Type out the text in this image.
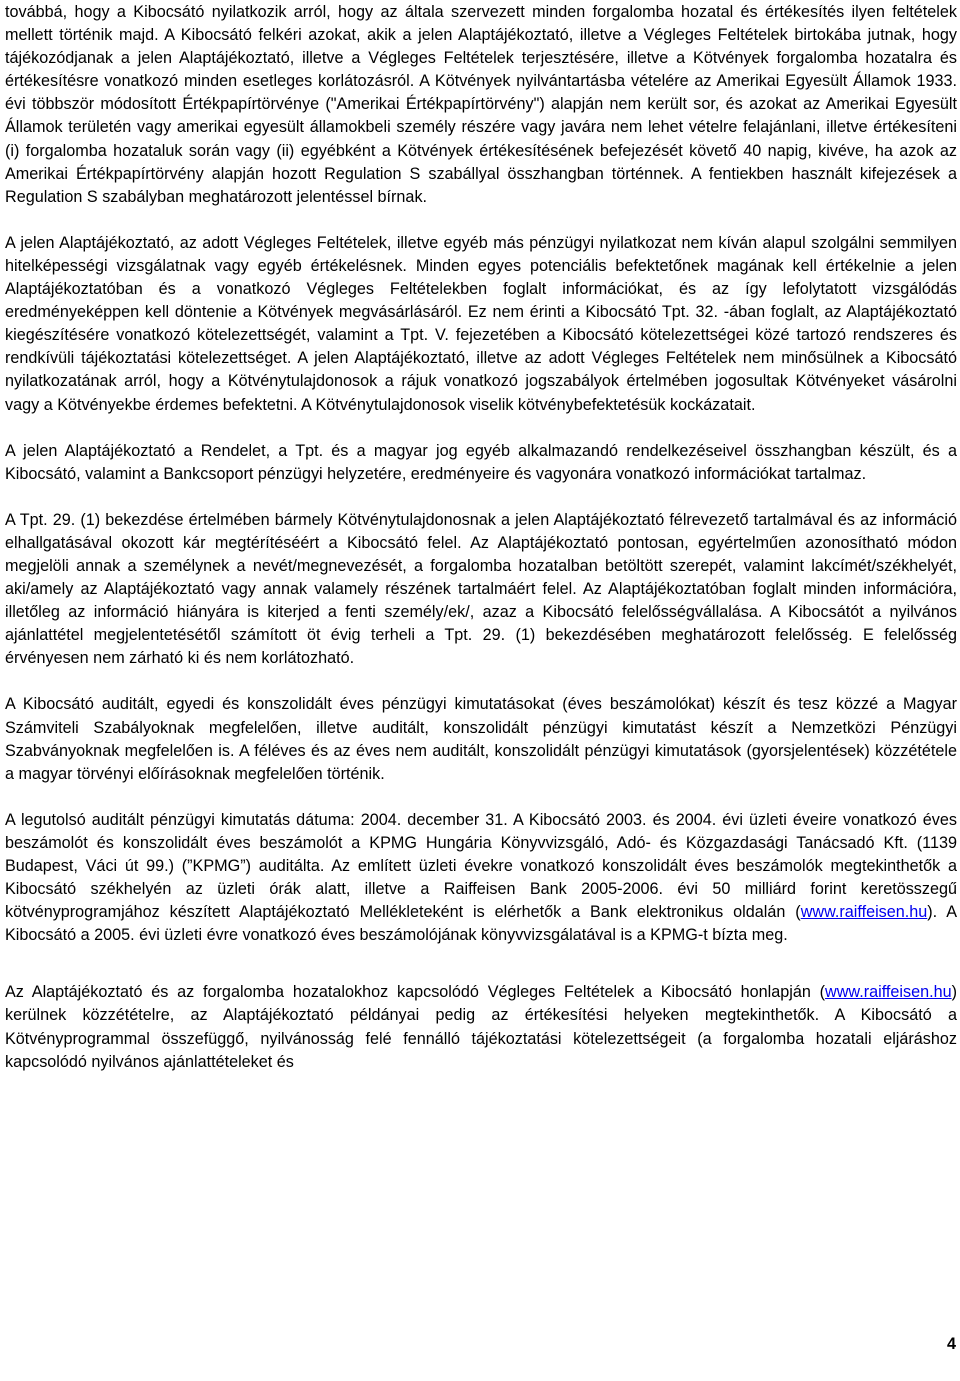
továbbá, hogy a Kibocsátó nyilatkozik arról, hogy az általa szervezett minden forgalomba hozatal és értékesítés ilyen feltételek mellett történik majd. A Kibocsátó felkéri azokat, akik a jelen Alaptájékoztató, illetve a Végleges Feltételek birtokába jutnak, hogy tájékozódjanak a jelen Alaptájékoztató, illetve a Végleges Feltételek terjesztésére, illetve a Kötvények forgalomba hozatalra és értékesítésre vonatkozó minden esetleges korlátozásról. A Kötvények nyilvántartásba vételére az Amerikai Egyesült Államok 1933. évi többször módosított Értékpapírtörvénye ("Amerikai Értékpapírtörvény") alapján nem került sor, és azokat az Amerikai Egyesült Államok területén vagy amerikai egyesült államokbeli személy részére vagy javára nem lehet vételre felajánlani, illetve értékesíteni (i) forgalomba hozataluk során vagy (ii) egyébként a Kötvények értékesítésének befejezését követő 40 napig, kivéve, ha azok az Amerikai Értékpapírtörvény alapján hozott Regulation S szabállyal összhangban történnek. A fentiekben használt kifejezések a Regulation S szabályban meghatározott jelentéssel bírnak.

A jelen Alaptájékoztató, az adott Végleges Feltételek, illetve egyéb más pénzügyi nyilatkozat nem kíván alapul szolgálni semmilyen hitelképességi vizsgálatnak vagy egyéb értékelésnek. Minden egyes potenciális befektetőnek magának kell értékelnie a jelen Alaptájékoztatóban és a vonatkozó Végleges Feltételekben foglalt információkat, és az így lefolytatott vizsgálódás eredményeképpen kell döntenie a Kötvények megvásárlásáról. Ez nem érinti a Kibocsátó Tpt. 32. -ában foglalt, az Alaptájékoztató kiegészítésére vonatkozó kötelezettségét, valamint a Tpt. V. fejezetében a Kibocsátó kötelezettségei közé tartozó rendszeres és rendkívüli tájékoztatási kötelezettséget. A jelen Alaptájékoztató, illetve az adott Végleges Feltételek nem minősülnek a Kibocsátó nyilatkozatának arról, hogy a Kötvénytulajdonosok a rájuk vonatkozó jogszabályok értelmében jogosultak Kötvényeket vásárolni vagy a Kötvényekbe érdemes befektetni. A Kötvénytulajdonosok viselik kötvénybefektetésük kockázatait.

A jelen Alaptájékoztató a Rendelet, a Tpt. és a magyar jog egyéb alkalmazandó rendelkezéseivel összhangban készült, és a Kibocsátó, valamint a Bankcsoport pénzügyi helyzetére, eredményeire és vagyonára vonatkozó információkat tartalmaz.

A Tpt. 29. (1) bekezdése értelmében bármely Kötvénytulajdonosnak a jelen Alaptájékoztató félrevezető tartalmával és az információ elhallgatásával okozott kár megtérítéséért a Kibocsátó felel. Az Alaptájékoztató pontosan, egyértelműen azonosítható módon megjelöli annak a személynek a nevét/megnevezését, a forgalomba hozatalban betöltött szerepét, valamint lakcímét/székhelyét, aki/amely az Alaptájékoztató vagy annak valamely részének tartalmáért felel. Az Alaptájékoztatóban foglalt minden információra, illetőleg az információ hiányára is kiterjed a fenti személy/ek/, azaz a Kibocsátó felelősségvállalása. A Kibocsátót a nyilvános ajánlattétel megjelentetésétől számított öt évig terheli a Tpt. 29. (1) bekezdésében meghatározott felelősség. E felelősség érvényesen nem zárható ki és nem korlátozható.

A Kibocsátó auditált, egyedi és konszolidált éves pénzügyi kimutatásokat (éves beszámolókat) készít és tesz közzé a Magyar Számviteli Szabályoknak megfelelően, illetve auditált, konszolidált pénzügyi kimutatást készít a Nemzetközi Pénzügyi Szabványoknak megfelelően is. A féléves és az éves nem auditált, konszolidált pénzügyi kimutatások (gyorsjelentések) közzététele a magyar törvényi előírásoknak megfelelően történik.

A legutolsó auditált pénzügyi kimutatás dátuma: 2004. december 31. A Kibocsátó 2003. és 2004. évi üzleti éveire vonatkozó éves beszámolót és konszolidált éves beszámolót a KPMG Hungária Könyvvizsgáló, Adó- és Közgazdasági Tanácsadó Kft. (1139 Budapest, Váci út 99.) (”KPMG”) auditálta. Az említett üzleti évekre vonatkozó konszolidált éves beszámolók megtekinthetők a Kibocsátó székhelyén az üzleti órák alatt, illetve a Raiffeisen Bank 2005-2006. évi 50 milliárd forint keretösszegű kötvényprogramjához készített Alaptájékoztató Mellékleteként is elérhetők a Bank elektronikus oldalán (www.raiffeisen.hu). A Kibocsátó a 2005. évi üzleti évre vonatkozó éves beszámolójának könyvvizsgálatával is a KPMG-t bízta meg.

Az Alaptájékoztató és az forgalomba hozatalokhoz kapcsolódó Végleges Feltételek a Kibocsátó honlapján (www.raiffeisen.hu) kerülnek közzétételre, az Alaptájékoztató példányai pedig az értékesítési helyeken megtekinthetők. A Kibocsátó a Kötvényprogrammal összefüggő, nyilvánosság felé fennálló tájékoztatási kötelezettségeit (a forgalomba hozatali eljáráshoz kapcsolódó nyilvános ajánlattételeket és

4
